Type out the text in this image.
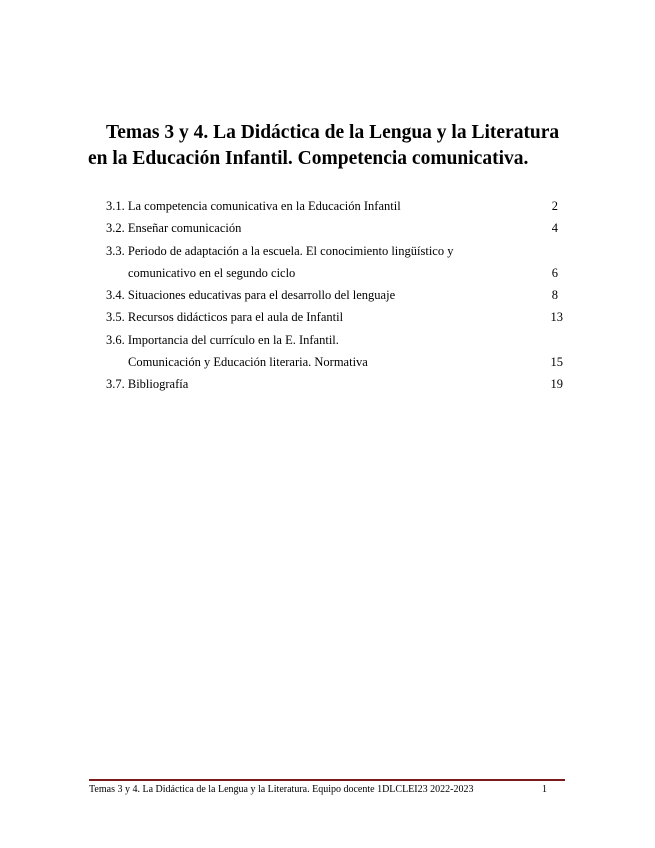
Temas 3 y 4. La Didáctica de la Lengua y la Literatura
en la Educación Infantil. Competencia comunicativa.
3.1. La competencia comunicativa en la Educación Infantil	2
3.2. Enseñar comunicación	4
3.3. Periodo de adaptación a la escuela. El conocimiento lingüístico y
comunicativo en el segundo ciclo	6
3.4. Situaciones educativas para el desarrollo del lenguaje	8
3.5. Recursos didácticos para el aula de Infantil	13
3.6. Importancia del currículo en la E. Infantil.
Comunicación y Educación literaria. Normativa	15
3.7. Bibliografía	19
Temas 3 y 4. La Didáctica de la Lengua y la Literatura. Equipo docente 1DLCLEI23 2022-2023	1
